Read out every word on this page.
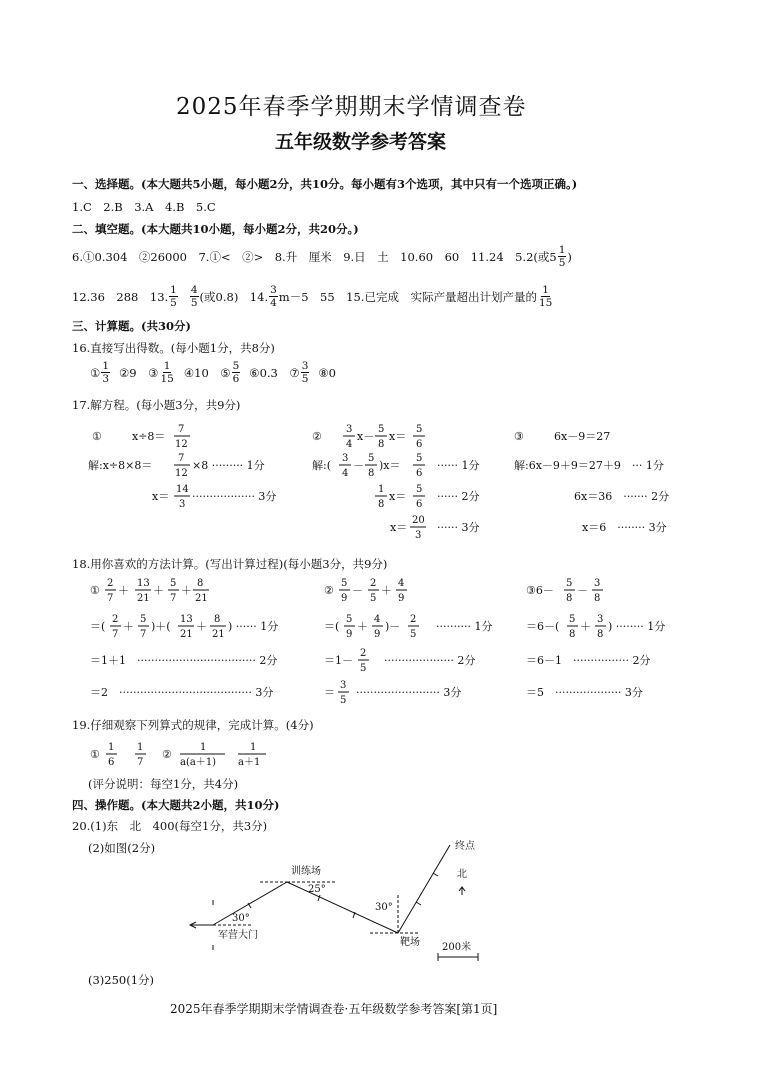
2025年春季学期期末学情调查卷
五年级数学参考答案
一、选择题。(本大题共5小题，每小题2分，共10分。每小题有3个选项，其中只有一个选项正确。)
1.C　2.B　3.A　4.B　5.C
二、填空题。(本大题共10小题，每小题2分，共20分。)
6.①0.304　②26000　7.①<　②>　8.升　厘米　9.日　土　10.60　60　11.24　5.2(或$5 \frac{1}{5}$ )
12.36　288　13. $\frac{1}{5} \frac{4}{5}$ (或0.8)　14. $\frac{3}{4} m-5$　55　15.已完成　实际产量超出计划产量的 $\frac{1}{15}$
三、计算题。(共30分)
16.直接写出得数。(每小题1分，共8分)
① $\frac{1}{3}$ ②9　③ $\frac{1}{15}$ ④10　⑤ $\frac{5}{6}$ ⑥0.3　⑦ $\frac{3}{5}$ ⑧0
17.解方程。(每小题3分，共9分)
①	x÷8＝
7
12
解:x÷8×8＝
7
12
×8 ········· 1分
x＝
14
3
·················· 3分
②
3
4
x－
5
8
x＝
5
6
解:(
3
4
－
5
8
)x＝
5
6
······ 1分
1
8
x＝
5
6
······ 2分
x＝
20
3
······ 3分
③	6x－9＝27
解:6x－9＋9＝27＋9　··· 1分
6x＝36　······· 2分
x＝6　········ 3分
18.用你喜欢的方法计算。(写出计算过程)(每小题3分，共9分)
①
2
7
＋
13
21
＋
5
7
＋
8
21
＝(
2
7
＋
5
7
)＋(
13
21
＋
8
21
) ······ 1分
＝1＋1　·································· 2分
＝2　······································ 3分
②
5
9
－
2
5
＋
4
9
＝(
5
9
＋
4
9
)－
2
5
·········· 1分
＝1－
2
5
···················· 2分
＝
3
5
························ 3分
③6－
5
8
－
3
8
＝6－(
5
8
＋
3
8
) ········ 1分
＝6－1　················ 2分
＝5　··················· 3分
19.仔细观察下列算式的规律，完成计算。(4分)
①
1
6
1
7
②
1
a(a＋1)
1
a＋1
(评分说明：每空1分，共4分)
四、操作题。(本大题共2小题，共10分)
20.(1)东　北　400(每空1分，共3分)
(2)如图(2分)
训练场
25°
30°
军营大门
30°
靶场
终点
北
200米
(3)250(1分)
2025年春季学期期末学情调查卷·五年级数学参考答案[第1页]
